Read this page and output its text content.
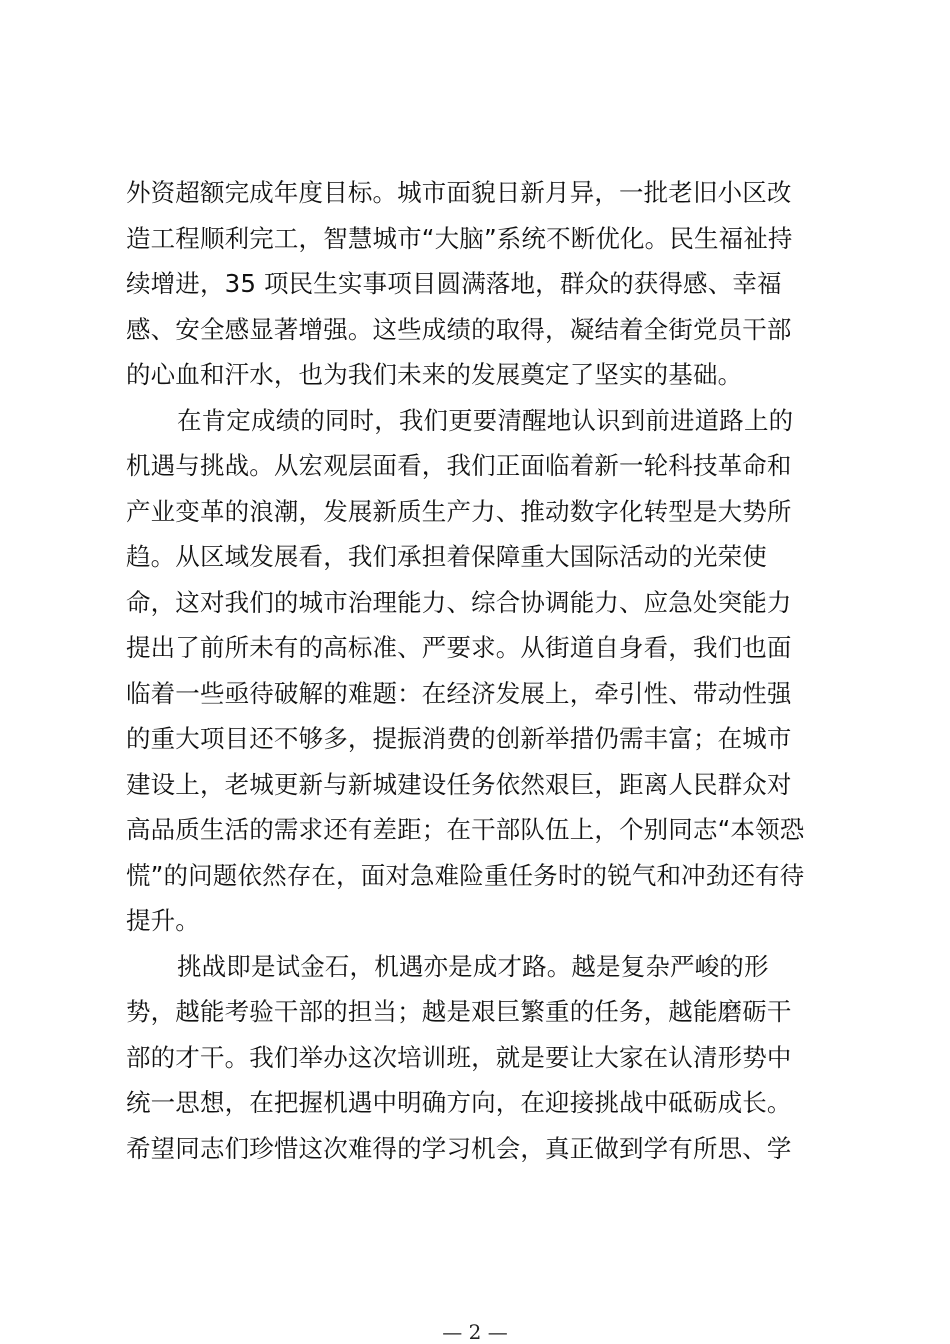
外资超额完成年度目标。城市面貌日新月异，一批老旧小区改
造工程顺利完工，智慧城市“大脑”系统不断优化。民生福祉持
续增进，35 项民生实事项目圆满落地，群众的获得感、幸福
感、安全感显著增强。这些成绩的取得，凝结着全街党员干部
的心血和汗水，也为我们未来的发展奠定了坚实的基础。
在肯定成绩的同时，我们更要清醒地认识到前进道路上的
机遇与挑战。从宏观层面看，我们正面临着新一轮科技革命和
产业变革的浪潮，发展新质生产力、推动数字化转型是大势所
趋。从区域发展看，我们承担着保障重大国际活动的光荣使
命，这对我们的城市治理能力、综合协调能力、应急处突能力
提出了前所未有的高标准、严要求。从街道自身看，我们也面
临着一些亟待破解的难题：在经济发展上，牵引性、带动性强
的重大项目还不够多，提振消费的创新举措仍需丰富；在城市
建设上，老城更新与新城建设任务依然艰巨，距离人民群众对
高品质生活的需求还有差距；在干部队伍上，个别同志“本领恐
慌”的问题依然存在，面对急难险重任务时的锐气和冲劲还有待
提升。
挑战即是试金石，机遇亦是成才路。越是复杂严峻的形
势，越能考验干部的担当；越是艰巨繁重的任务，越能磨砺干
部的才干。我们举办这次培训班，就是要让大家在认清形势中
统一思想，在把握机遇中明确方向，在迎接挑战中砥砺成长。
希望同志们珍惜这次难得的学习机会，真正做到学有所思、学
— 2 —
